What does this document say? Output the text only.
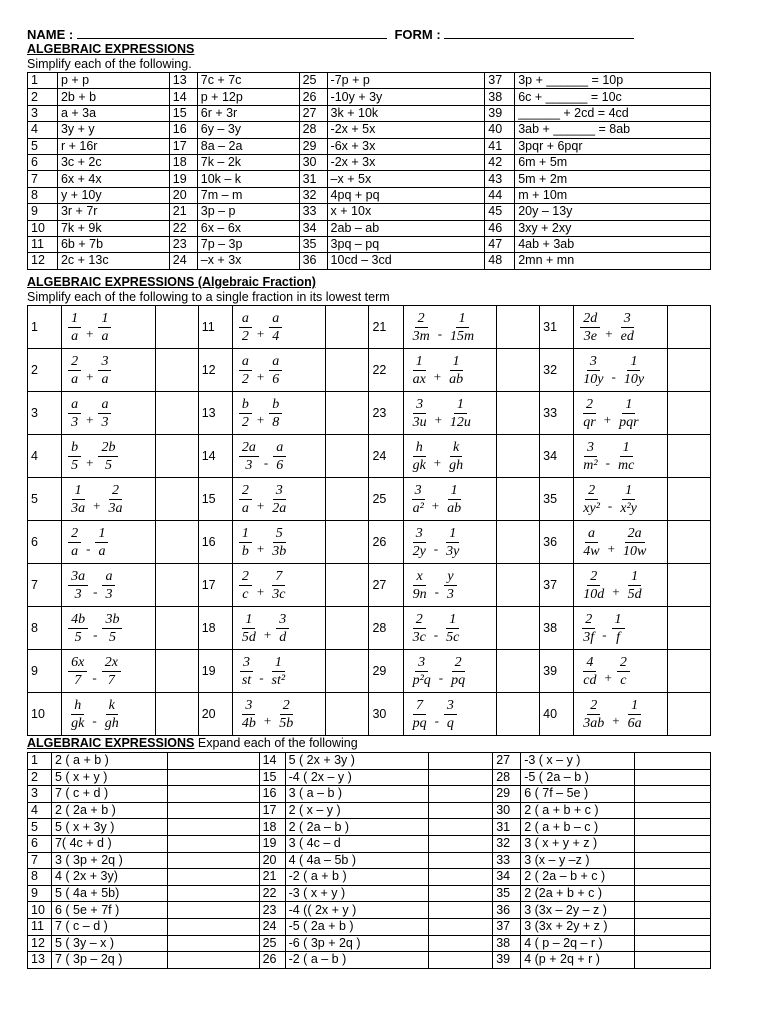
NAME :	FORM :
ALGEBRAIC EXPRESSIONS
Simplify each of the following.
1	p + p	13	7c + 7c	25	-7p + p	37	3p + ______ = 10p
2	2b + b	14	p + 12p	26	-10y + 3y	38	6c + ______ = 10c
3	a + 3a	15	6r + 3r	27	3k + 10k	39	______ + 2cd = 4cd
4	3y + y	16	6y – 3y	28	-2x + 5x	40	3ab + ______ = 8ab
5	r + 16r	17	8a – 2a	29	-6x + 3x	41	3pqr + 6pqr
6	3c + 2c	18	7k – 2k	30	-2x + 3x	42	6m + 5m
7	6x + 4x	19	10k – k	31	–x + 5x	43	5m + 2m
8	y + 10y	20	7m – m	32	4pq + pq	44	m + 10m
9	3r + 7r	21	3p – p	33	x + 10x	45	20y – 13y
10	7k + 9k	22	6x – 6x	34	2ab – ab	46	3xy + 2xy
11	6b + 7b	23	7p – 3p	35	3pq – pq	47	4ab + 3ab
12	2c + 13c	24	–x + 3x	36	10cd – 3cd	48	2mn + mn
ALGEBRAIC EXPRESSIONS (Algebraic Fraction)
Simplify each of the following to a single fraction in its lowest term
1	$\frac{1}{a} + \frac{1}{a}$		11	$\frac{a}{2} + \frac{a}{4}$		21	$\frac{2}{3m} - \frac{1}{15m}$		31	$\frac{2d}{3e} + \frac{3}{ed}$

2	$\frac{2}{a} + \frac{3}{a}$		12	$\frac{a}{2} + \frac{a}{6}$		22	$\frac{1}{ax} + \frac{1}{ab}$		32	$\frac{3}{10y} - \frac{1}{10y}$

3	$\frac{a}{3} + \frac{a}{3}$		13	$\frac{b}{2} + \frac{b}{8}$		23	$\frac{3}{3u} + \frac{1}{12u}$		33	$\frac{2}{qr} + \frac{1}{\text{pqr}}$

4	$\frac{b}{5} + \frac{2b}{5}$		14	$\frac{2a}{3} - \frac{a}{6}$		24	$\frac{h}{gk} + \frac{k}{gh}$		34	$\frac{3}{\text{m²}} - \frac{1}{mc}$

5	$\frac{1}{3a} + \frac{2}{3a}$		15	$\frac{2}{a} + \frac{3}{2a}$		25	$\frac{3}{\text{a²}} + \frac{1}{ab}$		35	$\frac{2}{\text{xy²}} - \frac{1}{\text{x²y}}$

6	$\frac{2}{a} - \frac{1}{a}$		16	$\frac{1}{b} + \frac{5}{3b}$		26	$\frac{3}{2y} - \frac{1}{3y}$		36	$\frac{a}{4w} + \frac{2a}{10w}$

7	$\frac{3a}{3} - \frac{a}{3}$		17	$\frac{2}{c} + \frac{7}{3c}$		27	$\frac{x}{9n} - \frac{y}{3}$		37	$\frac{2}{10d} + \frac{1}{5d}$

8	$\frac{4b}{5} - \frac{3b}{5}$		18	$\frac{1}{5d} + \frac{3}{d}$		28	$\frac{2}{3c} - \frac{1}{5c}$		38	$\frac{2}{3f} - \frac{1}{f}$

9	$\frac{6x}{7} - \frac{2x}{7}$		19	$\frac{3}{st} - \frac{1}{\text{st²}}$		29	$\frac{3}{\text{p²q}} - \frac{2}{pq}$		39	$\frac{4}{cd} + \frac{2}{c}$

10	$\frac{h}{gk} - \frac{k}{gh}$		20	$\frac{3}{4b} + \frac{2}{5b}$		30	$\frac{7}{pq} - \frac{3}{q}$		40	$\frac{2}{3ab} + \frac{1}{6a}$

ALGEBRAIC EXPRESSIONS Expand each of the following
1	2 ( a + b )		14	5 ( 2x + 3y )		27	-3 ( x – y )	
2	5 ( x + y )		15	-4 ( 2x – y )		28	-5 ( 2a – b )	
3	7 ( c + d )		16	3 ( a – b )		29	6 ( 7f – 5e )	
4	2 ( 2a + b )		17	2 ( x – y )		30	2 ( a + b + c )	
5	5 ( x + 3y )		18	2 ( 2a – b )		31	2 ( a + b – c )	
6	7( 4c + d )		19	3 ( 4c – d		32	3 ( x + y + z )	
7	3 ( 3p + 2q )		20	4 ( 4a – 5b )		33	3 (x – y –z )	
8	4 ( 2x + 3y)		21	-2 ( a + b )		34	2 ( 2a – b + c )	
9	5 ( 4a + 5b)		22	-3 ( x + y )		35	2 (2a + b + c )	
10	6 ( 5e + 7f )		23	-4 (( 2x + y )		36	3 (3x – 2y – z )	
11	7 ( c – d )		24	-5 ( 2a + b )		37	3 (3x + 2y + z )	
12	5 ( 3y – x )		25	-6 ( 3p + 2q )		38	4 ( p – 2q – r )	
13	7 ( 3p – 2q )		26	-2 ( a – b )		39	4 (p + 2q + r )	
